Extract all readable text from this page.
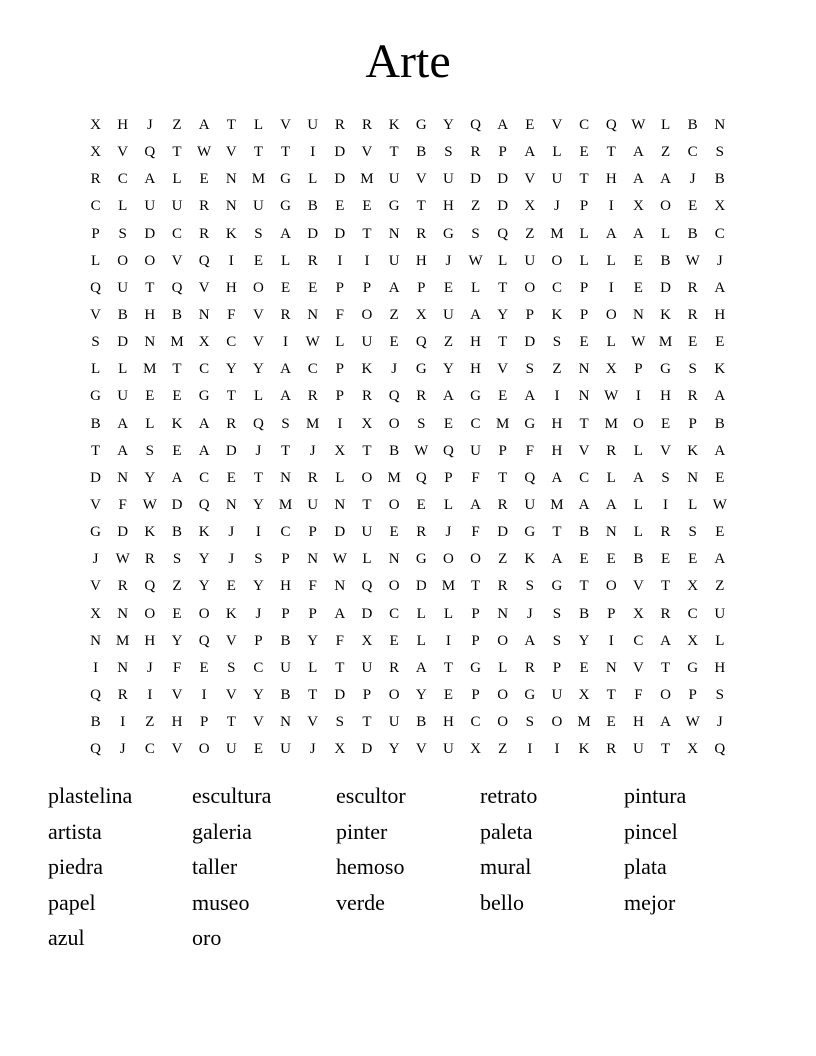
Arte
X	H	J	Z	A	T	L	V	U	R	R	K	G	Y	Q	A	E	V	C	Q W	L	B	N
X	V	Q	T	W V	T	T	I	D	V	T	B	S	R	P	A	L	E	T	A	Z	C	S
R	C	A	L	E	N	M	G	L	D	M	U	V	U	D	D	V	U	T	H	A	A	J	B
C	L	U	U	R	N	U	G	B	E	E	G	T	H	Z	D	X	J	P	I	X	O	E	X
P	S	D	C	R	K	S	A	D	D	T	N	R	G	S	Q	Z	M	L	A	A	L	B	C
L	O	O	V	Q	I	E	L	R	I	I	U	H	J	W	L	U	O	L	L	E	B	W	J
Q	U	T	Q	V	H	O	E	E	P	P	A	P	E	L	T	O	C	P	I	E	D	R	A
V	B	H	B	N	F	V	R	N	F	O	Z	X	U	A	Y	P	K	P	O	N	K	R	H
S	D	N	M	X	C	V	I	W	L	U	E	Q	Z	H	T	D	S	E	L	W M	E	E
L	L	M	T	C	Y	Y	A	C	P	K	J	G	Y	H	V	S	Z	N	X	P	G	S	K
G	U	E	E	G	T	L	A	R	P	R	Q	R	A	G	E	A	I	N W	I	H	R	A
B	A	L	K	A	R	Q	S	M	I	X	O	S	E	C	M	G	H	T	M	O	E	P	B
T	A	S	E	A	D	J	T	J	X	T	B	W Q	U	P	F	H	V	R	L	V	K	A
D	N	Y	A	C	E	T	N	R	L	O	M	Q	P	F	T	Q	A	C	L	A	S	N	E
V	F	W D	Q	N	Y	M	U	N	T	O	E	L	A	R	U	M	A	A	L	I	L	W
G	D	K	B	K	J	I	C	P	D	U	E	R	J	F	D	G	T	B	N	L	R	S	E
J	W	R	S	Y	J	S	P	N W	L	N	G	O	O	Z	K	A	E	E	B	E	E	A
V	R	Q	Z	Y	E	Y	H	F	N	Q	O	D	M	T	R	S	G	T	O	V	T	X	Z
X	N	O	E	O	K	J	P	P	A	D	C	L	L	P	N	J	S	B	P	X	R	C	U
N	M	H	Y	Q	V	P	B	Y	F	X	E	L	I	P	O	A	S	Y	I	C	A	X	L
I	N	J	F	E	S	C	U	L	T	U	R	A	T	G	L	R	P	E	N	V	T	G	H
Q	R	I	V	I	V	Y	B	T	D	P	O	Y	E	P	O	G	U	X	T	F	O	P	S
B	I	Z	H	P	T	V	N	V	S	T	U	B	H	C	O	S	O	M	E	H	A W	J
Q	J	C	V	O	U	E	U	J	X	D	Y	V	U	X	Z	I	I	K	R	U	T	X	Q
plastelina	escultura	escultor	retrato	pintura
artista	galeria	pinter	paleta	pincel
piedra	taller	hemoso	mural	plata
papel	museo	verde	bello	mejor
azul	oro
